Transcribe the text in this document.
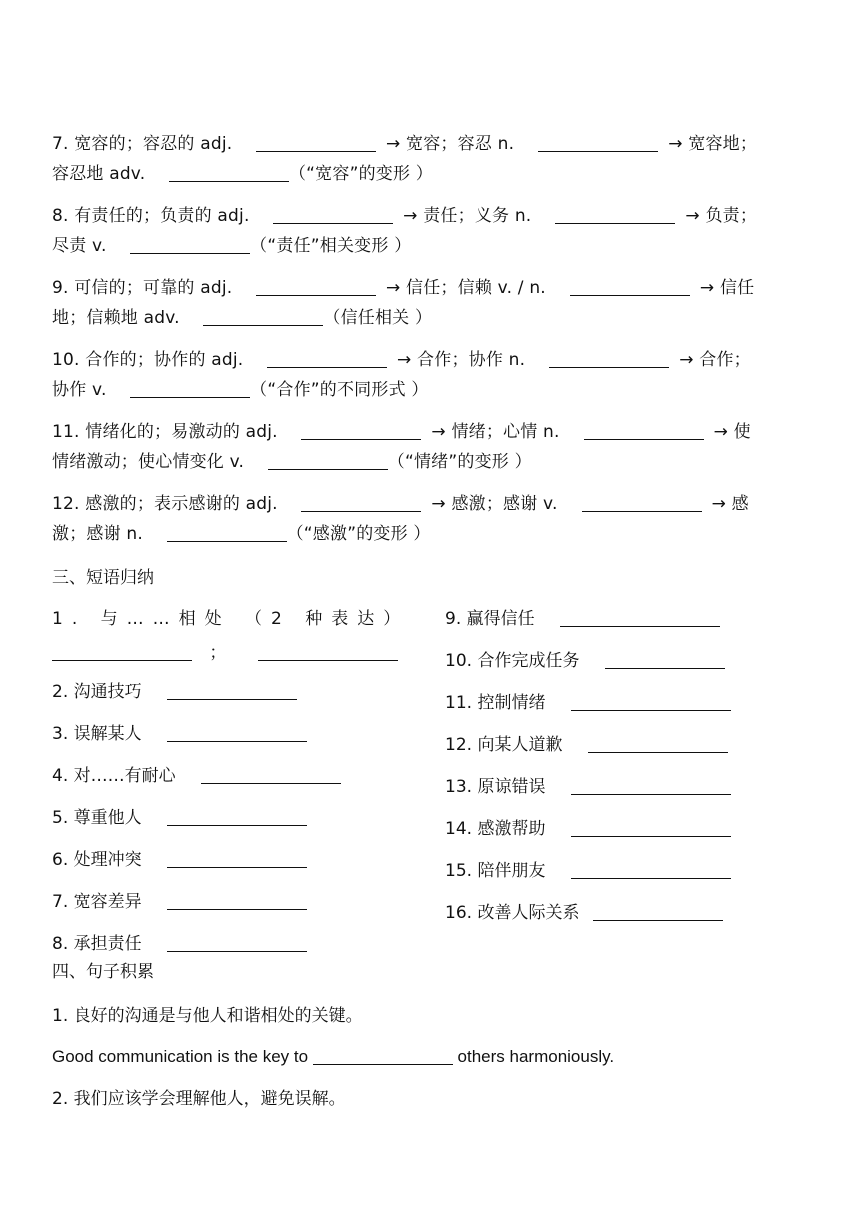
7. 宽容的；容忍的 adj.	→ 宽容；容忍 n.	→ 宽容地；
容忍地 adv.	（“宽容”的变形 ）
8. 有责任的；负责的 adj.	→ 责任；义务 n.	→ 负责；
尽责 v.	（“责任”相关变形 ）
9. 可信的；可靠的 adj.	→ 信任；信赖 v. / n.	→ 信任
地；信赖地 adv.	（信任相关 ）
10. 合作的；协作的 adj.	→ 合作；协作 n.	→ 合作；
协作 v.	（“合作”的不同形式 ）
11. 情绪化的；易激动的 adj.	→ 情绪；心情 n.	→ 使
情绪激动；使心情变化 v.	（“情绪”的变形 ）
12. 感激的；表示感谢的 adj.	→ 感激；感谢 v.	→ 感
激；感谢 n.	（“感激”的变形 ）
三、短语归纳
1. 与……相处 （2 种表达）
；
2. 沟通技巧
3. 误解某人
4. 对……有耐心
5. 尊重他人
6. 处理冲突
7. 宽容差异
8. 承担责任
9. 赢得信任
10. 合作完成任务
11. 控制情绪
12. 向某人道歉
13. 原谅错误
14. 感激帮助
15. 陪伴朋友
16. 改善人际关系
四、句子积累
1. 良好的沟通是与他人和谐相处的关键。
Good communication is the key to	others harmoniously.
2. 我们应该学会理解他人，避免误解。
